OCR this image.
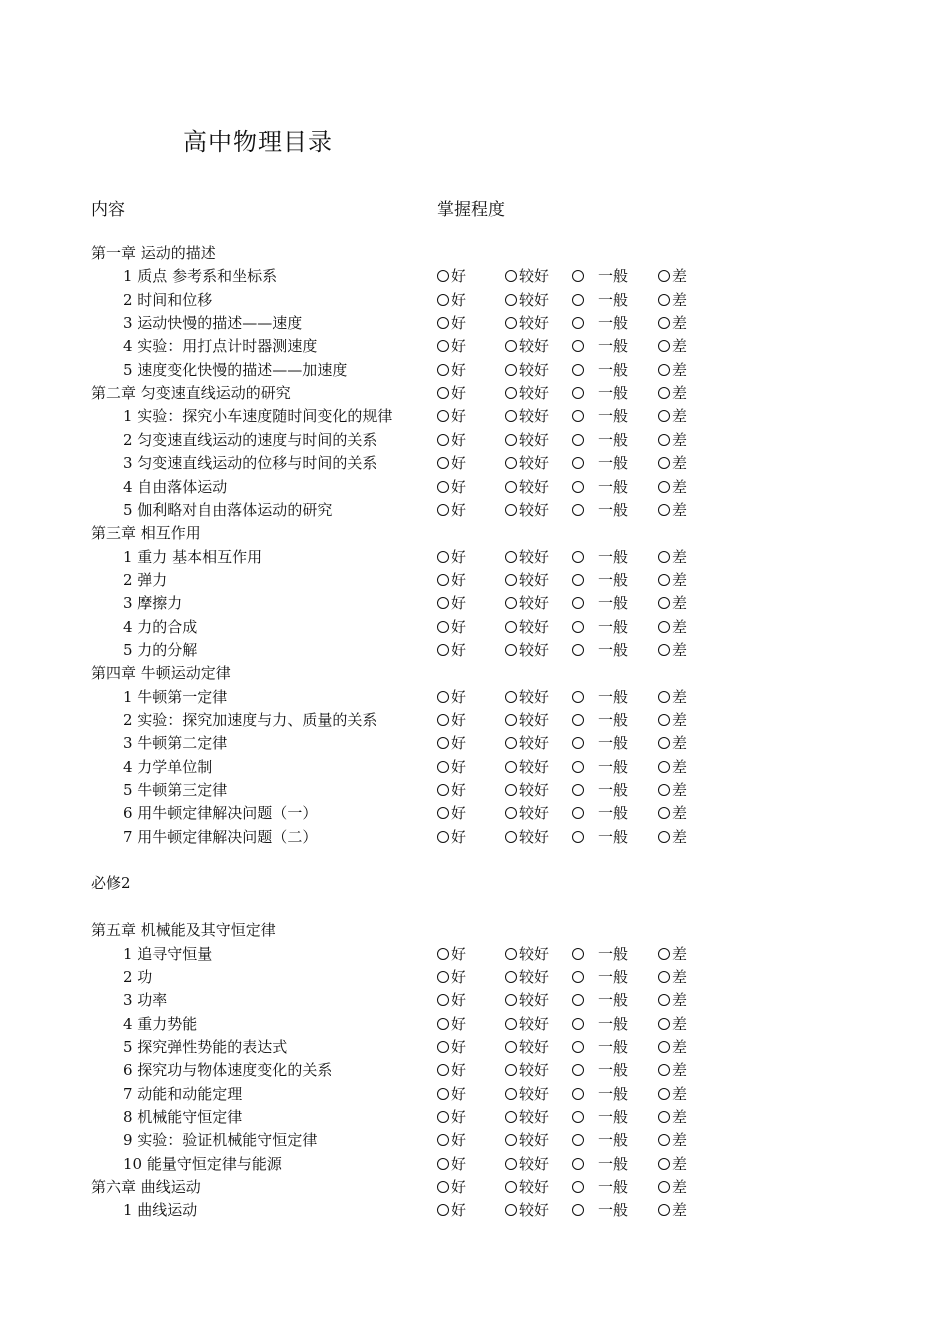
高中物理目录
内容	掌握程度
第一章 运动的描述
1 质点 参考系和坐标系	好	较好	一般	差
2 时间和位移	好	较好	一般	差
3 运动快慢的描述——速度	好	较好	一般	差
4 实验：用打点计时器测速度	好	较好	一般	差
5 速度变化快慢的描述——加速度	好	较好	一般	差
第二章 匀变速直线运动的研究	好	较好	一般	差
1 实验：探究小车速度随时间变化的规律	好	较好	一般	差
2 匀变速直线运动的速度与时间的关系	好	较好	一般	差
3 匀变速直线运动的位移与时间的关系	好	较好	一般	差
4 自由落体运动	好	较好	一般	差
5 伽利略对自由落体运动的研究	好	较好	一般	差
第三章 相互作用
1 重力 基本相互作用	好	较好	一般	差
2 弹力	好	较好	一般	差
3 摩擦力	好	较好	一般	差
4 力的合成	好	较好	一般	差
5 力的分解	好	较好	一般	差
第四章 牛顿运动定律
1 牛顿第一定律	好	较好	一般	差
2 实验：探究加速度与力、质量的关系	好	较好	一般	差
3 牛顿第二定律	好	较好	一般	差
4 力学单位制	好	较好	一般	差
5 牛顿第三定律	好	较好	一般	差
6 用牛顿定律解决问题（一）	好	较好	一般	差
7 用牛顿定律解决问题（二）	好	较好	一般	差
必修2
第五章 机械能及其守恒定律
1 追寻守恒量	好	较好	一般	差
2 功	好	较好	一般	差
3 功率	好	较好	一般	差
4 重力势能	好	较好	一般	差
5 探究弹性势能的表达式	好	较好	一般	差
6 探究功与物体速度变化的关系	好	较好	一般	差
7 动能和动能定理	好	较好	一般	差
8 机械能守恒定律	好	较好	一般	差
9 实验：验证机械能守恒定律	好	较好	一般	差
10 能量守恒定律与能源	好	较好	一般	差
第六章 曲线运动	好	较好	一般	差
1 曲线运动	好	较好	一般	差
